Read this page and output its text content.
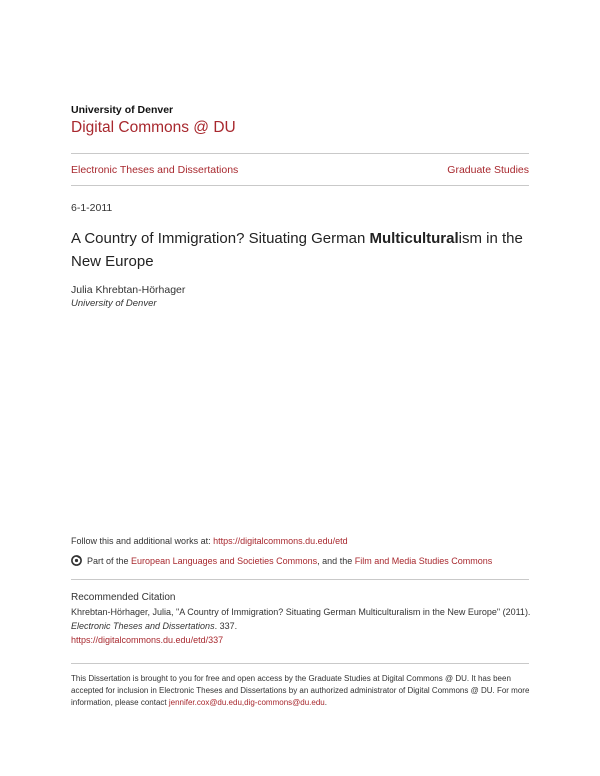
University of Denver
Digital Commons @ DU
Electronic Theses and Dissertations	Graduate Studies
6-1-2011
A Country of Immigration? Situating German Multiculturalism in the New Europe
Julia Khrebtan-Hörhager
University of Denver
Follow this and additional works at: https://digitalcommons.du.edu/etd
Part of the
European Languages and Societies Commons , and the
Film and Media Studies Commons
Recommended Citation
Khrebtan-Hörhager, Julia, "A Country of Immigration? Situating German Multiculturalism in the New Europe" (2011). Electronic Theses and Dissertations. 337.
https://digitalcommons.du.edu/etd/337
This Dissertation is brought to you for free and open access by the Graduate Studies at Digital Commons @ DU. It has been accepted for inclusion in Electronic Theses and Dissertations by an authorized administrator of Digital Commons @ DU. For more information, please contact jennifer.cox@du.edu,dig-commons@du.edu.
